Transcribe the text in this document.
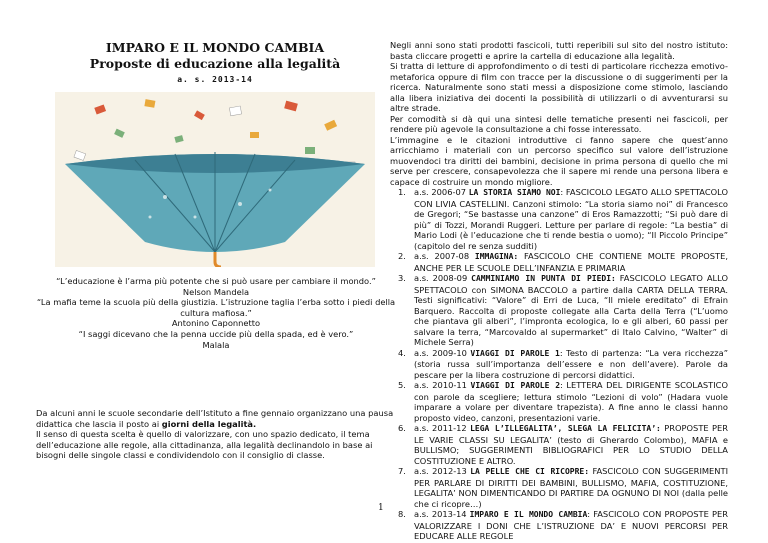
IMPARO E IL MONDO CAMBIA
Proposte di educazione alla legalità
a. s. 2013-14
“L’educazione è l’arma più potente che si può usare per cambiare il mondo.”
Nelson Mandela
“La mafia teme la scuola più della giustizia. L’istruzione taglia l’erba sotto i piedi della
cultura mafiosa.”
Antonino Caponnetto
“I saggi dicevano che la penna uccide più della spada, ed è vero.”
Malala

Da alcuni anni le scuole secondarie dell’Istituto a fine gennaio organizzano una pausa didattica che lascia il posto ai giorni della legalità.

Il senso di questa scelta è quello di valorizzare, con uno spazio dedicato, il tema dell’educazione alle regole, alla cittadinanza, alla legalità declinandolo in base ai bisogni delle singole classi e condividendolo con il consiglio di classe.

Negli anni sono stati prodotti fascicoli, tutti reperibili sul sito del nostro istituto: basta cliccare progetti e aprire la cartella di educazione alla legalità.

Si tratta di letture di approfondimento o di testi di particolare ricchezza emotivo-metaforica oppure di film con tracce per la discussione o di suggerimenti per la ricerca. Naturalmente sono stati messi a disposizione come stimolo, lasciando alla libera iniziativa dei docenti la possibilità di utilizzarli o di avventurarsi su altre strade.

Per comodità si dà qui una sintesi delle tematiche presenti nei fascicoli, per rendere più agevole la consultazione a chi fosse interessato.

L’immagine e le citazioni introduttive ci fanno sapere che quest’anno arricchiamo i materiali con un percorso specifico sul valore dell’istruzione muovendoci tra diritti dei bambini, decisione in prima persona di quello che mi serve per crescere, consapevolezza che il sapere mi rende una persona libera e capace di costruire un mondo migliore.

1. a.s. 2006-07 LA STORIA SIAMO NOI: FASCICOLO LEGATO ALLO SPETTACOLO CON LIVIA CASTELLINI. Canzoni stimolo: “La storia siamo noi” di Francesco de Gregori; “Se bastasse una canzone” di Eros Ramazzotti; “Si può dare di più” di Tozzi, Morandi Ruggeri. Letture per parlare di regole: “La bestia” di Mario Lodi (è l’educazione che ti rende bestia o uomo); “Il Piccolo Principe” (capitolo del re senza sudditi)
2. a.s. 2007-08 IMMAGINA: FASCICOLO CHE CONTIENE MOLTE PROPOSTE, ANCHE PER LE SCUOLE DELL’INFANZIA E PRIMARIA
3. a.s. 2008-09 CAMMINIAMO IN PUNTA DI PIEDI: FASCICOLO LEGATO ALLO SPETTACOLO con SIMONA BACCOLO a partire dalla CARTA DELLA TERRA. Testi significativi: “Valore” di Erri de Luca, “Il miele ereditato” di Efrain Barquero. Raccolta di proposte collegate alla Carta della Terra (“L’uomo che piantava gli alberi”, l’impronta ecologica, Io e gli alberi, 60 passi per salvare la terra, “Marcovaldo al supermarket” di Italo Calvino, “Walter” di Michele Serra)
4. a.s. 2009-10 VIAGGI DI PAROLE 1: Testo di partenza: “La vera ricchezza” (storia russa sull’importanza dell’essere e non dell’avere). Parole da pescare per la libera costruzione di percorsi didattici.
5. a.s. 2010-11 VIAGGI DI PAROLE 2: LETTERA DEL DIRIGENTE SCOLASTICO con parole da scegliere; lettura stimolo “Lezioni di volo” (Hadara vuole imparare a volare per diventare trapezista). A fine anno le classi hanno proposto video, canzoni, presentazioni varie.
6. a.s. 2011-12 LEGA L’ILLEGALITA’, SLEGA LA FELICITA’: PROPOSTE PER LE VARIE CLASSI SU LEGALITA’ (testo di Gherardo Colombo), MAFIA e BULLISMO; SUGGERIMENTI BIBLIOGRAFICI PER LO STUDIO DELLA COSTITUZIONE E ALTRO.
7. a.s. 2012-13 LA PELLE CHE CI RICOPRE: FASCICOLO CON SUGGERIMENTI PER PARLARE DI DIRITTI DEI BAMBINI, BULLISMO, MAFIA, COSTITUZIONE, LEGALITA’ NON DIMENTICANDO DI PARTIRE DA OGNUNO DI NOI (dalla pelle che ci ricopre…)
8. a.s. 2013-14 IMPARO E IL MONDO CAMBIA: FASCICOLO CON PROPOSTE PER VALORIZZARE I DONI CHE L’ISTRUZIONE DA’ E NUOVI PERCORSI PER EDUCARE ALLE REGOLE
1
